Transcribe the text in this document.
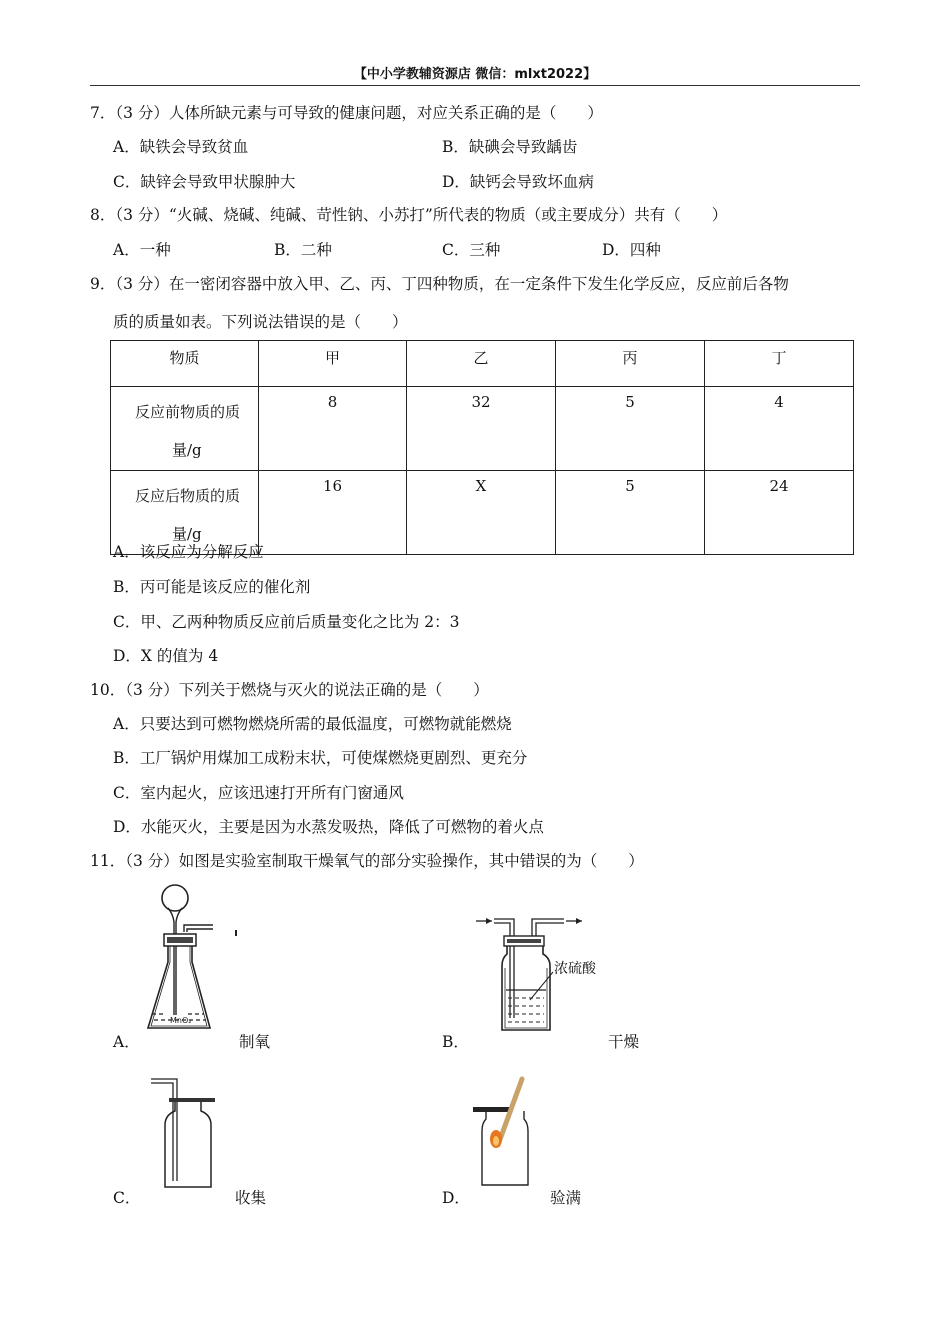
【中小学教辅资源店 微信：mlxt2022】
7．（3 分）人体所缺元素与可导致的健康问题，对应关系正确的是（　　）
A．缺铁会导致贫血	B．缺碘会导致龋齿
C．缺锌会导致甲状腺肿大	D．缺钙会导致坏血病
8．（3 分）“火碱、烧碱、纯碱、苛性钠、小苏打”所代表的物质（或主要成分）共有（　　）
A．一种	B．二种	C．三种	D．四种
9．（3 分）在一密闭容器中放入甲、乙、丙、丁四种物质，在一定条件下发生化学反应，反应前后各物
质的质量如表。下列说法错误的是（　　）
物质	甲	乙	丙	丁

反应前物质的质
量/g	8	32	5	4

反应后物质的质
量/g	16	X	5	24
A．该反应为分解反应
B．丙可能是该反应的催化剂
C．甲、乙两种物质反应前后质量变化之比为 2：3
D．X 的值为 4
10．（3 分）下列关于燃烧与灭火的说法正确的是（　　）
A．只要达到可燃物燃烧所需的最低温度，可燃物就能燃烧
B．工厂锅炉用煤加工成粉末状，可使煤燃烧更剧烈、更充分
C．室内起火，应该迅速打开所有门窗通风
D．水能灭火，主要是因为水蒸发吸热，降低了可燃物的着火点
11．（3 分）如图是实验室制取干燥氧气的部分实验操作，其中错误的为（　　）
MnO₂
A．	制氧
浓硫酸
B．	干燥
C．	收集	D．	验满
